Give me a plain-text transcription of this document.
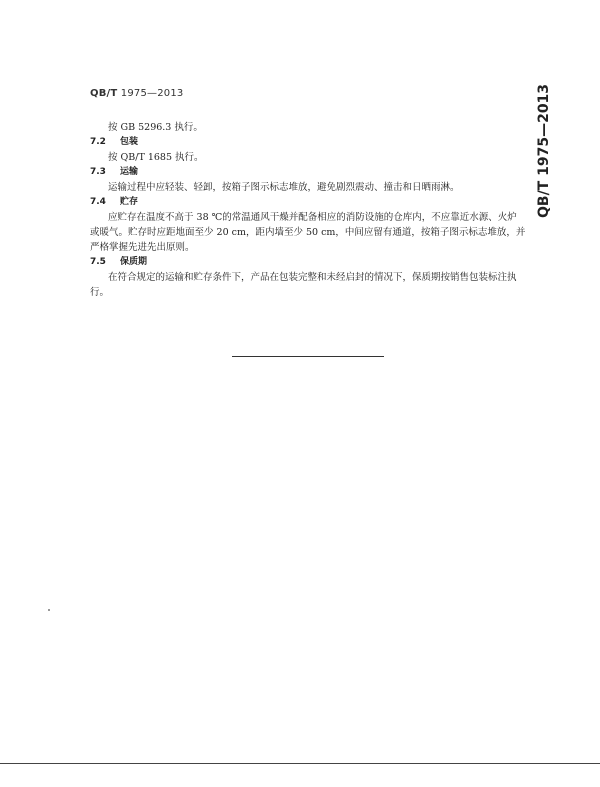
QB/T 1975—2013	QB/T 1975—2013
按 GB 5296.3 执行。
7.2 包装
按 QB/T 1685 执行。
7.3 运输
运输过程中应轻装、轻卸，按箱子图示标志堆放，避免剧烈震动、撞击和日晒雨淋。
7.4 贮存
应贮存在温度不高于 38 ℃的常温通风干燥并配备相应的消防设施的仓库内，不应靠近水源、火炉
或暖气。贮存时应距地面至少 20 cm，距内墙至少 50 cm，中间应留有通道，按箱子图示标志堆放，并
严格掌握先进先出原则。
7.5 保质期
在符合规定的运输和贮存条件下，产品在包装完整和未经启封的情况下，保质期按销售包装标注执
行。
